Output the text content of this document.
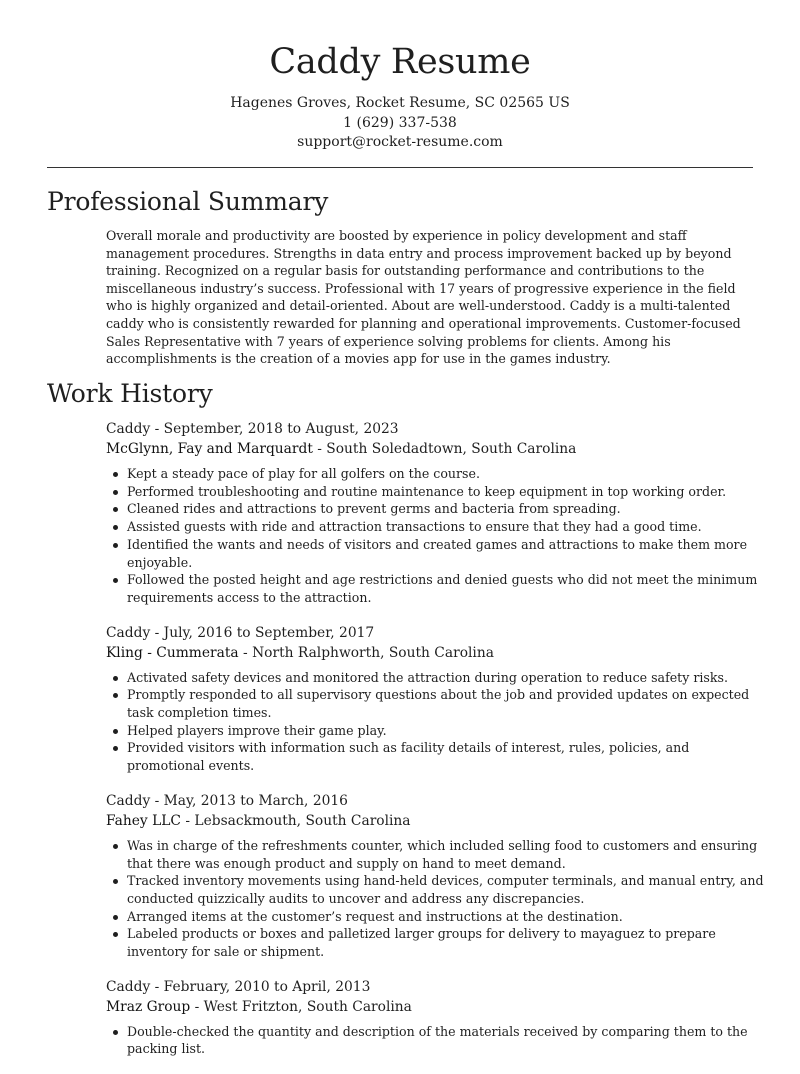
Caddy Resume

Hagenes Groves, Rocket Resume, SC 02565 US

1 (629) 337-538

support@rocket-resume.com

Professional Summary

Overall morale and productivity are boosted by experience in policy development and staff management procedures. Strengths in data entry and process improvement backed up by beyond training. Recognized on a regular basis for outstanding performance and contributions to the miscellaneous industry’s success. Professional with 17 years of progressive experience in the field who is highly organized and detail-oriented. About are well-understood. Caddy is a multi-talented caddy who is consistently rewarded for planning and operational improvements. Customer-focused Sales Representative with 7 years of experience solving problems for clients. Among his accomplishments is the creation of a movies app for use in the games industry.

Work History

Caddy - September, 2018 to August, 2023

McGlynn, Fay and Marquardt - South Soledadtown, South Carolina

Kept a steady pace of play for all golfers on the course.
Performed troubleshooting and routine maintenance to keep equipment in top working order.
Cleaned rides and attractions to prevent germs and bacteria from spreading.
Assisted guests with ride and attraction transactions to ensure that they had a good time.
Identified the wants and needs of visitors and created games and attractions to make them more enjoyable.
Followed the posted height and age restrictions and denied guests who did not meet the minimum requirements access to the attraction.

Caddy - July, 2016 to September, 2017

Kling - Cummerata - North Ralphworth, South Carolina

Activated safety devices and monitored the attraction during operation to reduce safety risks.
Promptly responded to all supervisory questions about the job and provided updates on expected task completion times.
Helped players improve their game play.
Provided visitors with information such as facility details of interest, rules, policies, and promotional events.

Caddy - May, 2013 to March, 2016

Fahey LLC - Lebsackmouth, South Carolina

Was in charge of the refreshments counter, which included selling food to customers and ensuring that there was enough product and supply on hand to meet demand.
Tracked inventory movements using hand-held devices, computer terminals, and manual entry, and conducted quizzically audits to uncover and address any discrepancies.
Arranged items at the customer’s request and instructions at the destination.
Labeled products or boxes and palletized larger groups for delivery to mayaguez to prepare inventory for sale or shipment.

Caddy - February, 2010 to April, 2013

Mraz Group - West Fritzton, South Carolina

Double-checked the quantity and description of the materials received by comparing them to the packing list.
